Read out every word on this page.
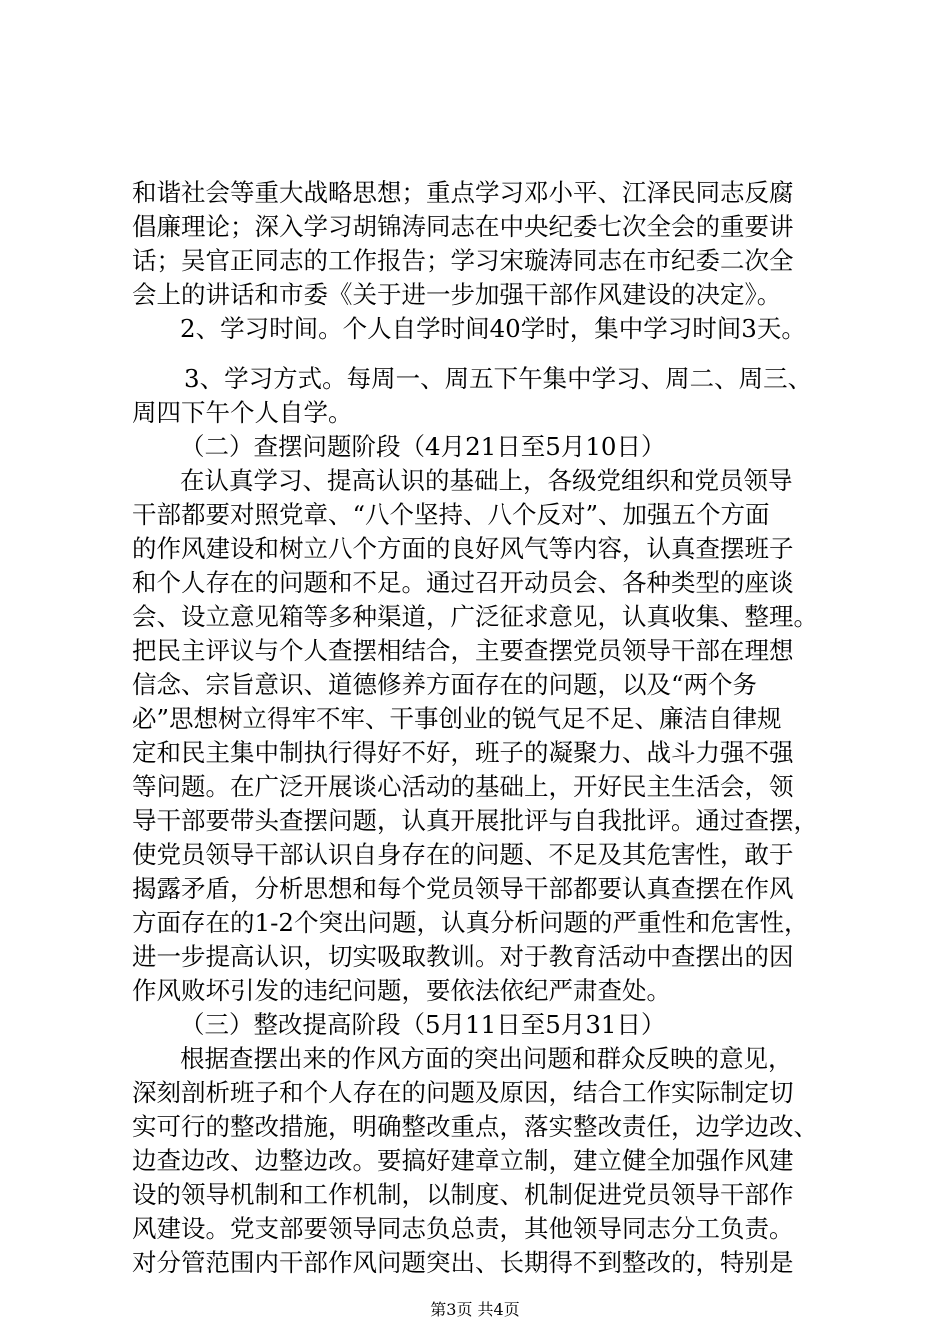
和谐社会等重大战略思想；重点学习邓小平、江泽民同志反腐
倡廉理论；深入学习胡锦涛同志在中央纪委七次全会的重要讲
话；吴官正同志的工作报告；学习宋璇涛同志在市纪委二次全
会上的讲话和市委《关于进一步加强干部作风建设的决定》。
2、学习时间。个人自学时间40学时，集中学习时间3天。
3、学习方式。每周一、周五下午集中学习、周二、周三、
周四下午个人自学。
（二）查摆问题阶段（4月21日至5月10日）
在认真学习、提高认识的基础上，各级党组织和党员领导
干部都要对照党章、“八个坚持、八个反对”、加强五个方面
的作风建设和树立八个方面的良好风气等内容，认真查摆班子
和个人存在的问题和不足。通过召开动员会、各种类型的座谈
会、设立意见箱等多种渠道，广泛征求意见，认真收集、整理。
把民主评议与个人查摆相结合，主要查摆党员领导干部在理想
信念、宗旨意识、道德修养方面存在的问题，以及“两个务
必”思想树立得牢不牢、干事创业的锐气足不足、廉洁自律规
定和民主集中制执行得好不好，班子的凝聚力、战斗力强不强
等问题。在广泛开展谈心活动的基础上，开好民主生活会，领
导干部要带头查摆问题，认真开展批评与自我批评。通过查摆，
使党员领导干部认识自身存在的问题、不足及其危害性，敢于
揭露矛盾，分析思想和每个党员领导干部都要认真查摆在作风
方面存在的1-2个突出问题，认真分析问题的严重性和危害性，
进一步提高认识，切实吸取教训。对于教育活动中查摆出的因
作风败坏引发的违纪问题，要依法依纪严肃查处。
（三）整改提高阶段（5月11日至5月31日）
根据查摆出来的作风方面的突出问题和群众反映的意见，
深刻剖析班子和个人存在的问题及原因，结合工作实际制定切
实可行的整改措施，明确整改重点，落实整改责任，边学边改、
边查边改、边整边改。要搞好建章立制，建立健全加强作风建
设的领导机制和工作机制，以制度、机制促进党员领导干部作
风建设。党支部要领导同志负总责，其他领导同志分工负责。
对分管范围内干部作风问题突出、长期得不到整改的，特别是
第3页 共4页
